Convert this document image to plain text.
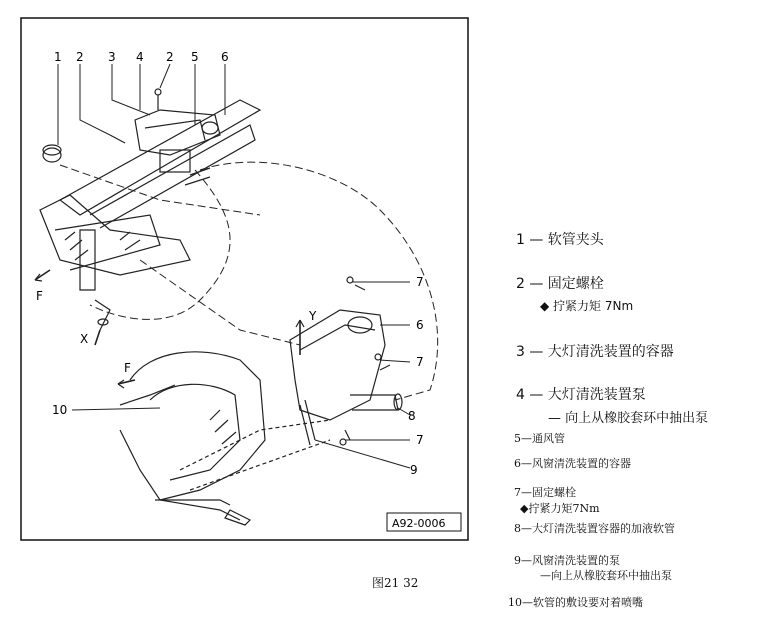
1 2 3 4 2 5 6
7
6
7
8
7
9
10
F
X
Y
F
A92-0006
图21 32
1 — 软管夹头
2 — 固定螺栓
◆ 拧紧力矩 7Nm
3 — 大灯清洗装置的容器
4 — 大灯清洗装置泵
— 向上从橡胶套环中抽出泵
5—通风管
6—风窗清洗装置的容器
7—固定螺栓
◆拧紧力矩7Nm
8—大灯清洗装置容器的加液软管
9—风窗清洗装置的泵
—向上从橡胶套环中抽出泵
10—软管的敷设要对着喷嘴
